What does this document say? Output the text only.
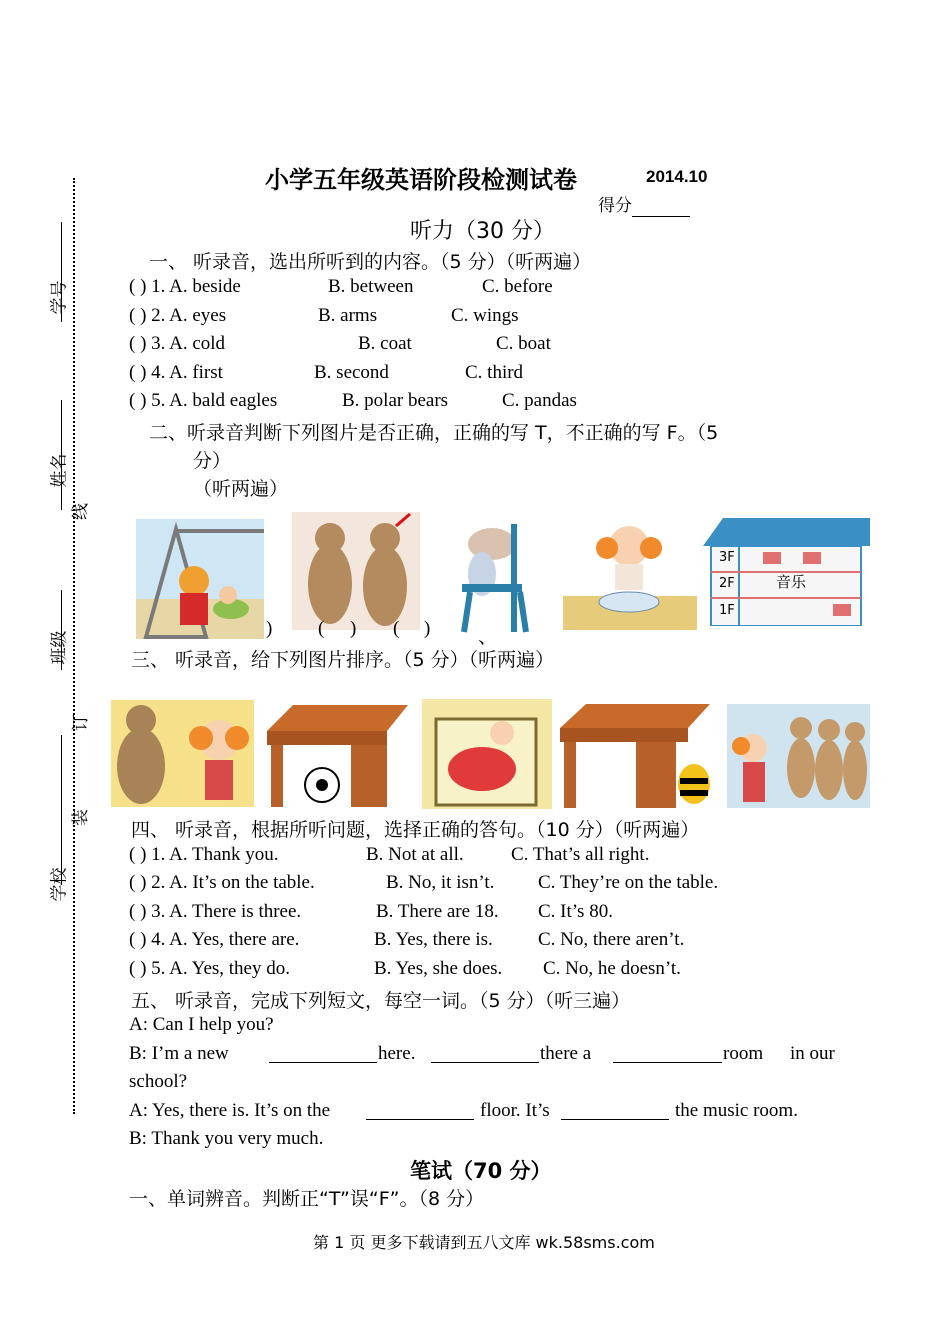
学号
姓名
线
班级
订
装
学校
小学五年级英语阶段检测试卷	2014.10
得分
听力（30 分）
一、 听录音，选出所听到的内容。（5 分）（听两遍）
( ) 1. A. beside	B. between	C. before
( ) 2. A. eyes	B. arms	C. wings
( ) 3. A. cold	B. coat	C. boat
( ) 4. A. first	B. second	C. third
( ) 5. A. bald eagles	B. polar bears	C. pandas
二、听录音判断下列图片是否正确，正确的写 T，不正确的写 F。（5
分）
（听两遍）
3F
2F
1F
音乐
) ( ) ( )	、
三、 听录音，给下列图片排序。（5 分）（听两遍）
四、 听录音，根据所听问题，选择正确的答句。（10 分）（听两遍）
( ) 1. A. Thank you.	B. Not at all. C. That’s all right.
( ) 2. A. It’s on the table.	B. No, it isn’t. C. They’re on the table.
( ) 3. A. There is three.	B. There are 18. C. It’s 80.
( ) 4. A. Yes, there are.	B. Yes, there is. C. No, there aren’t.
( ) 5. A. Yes, they do.	B. Yes, she does. C. No, he doesn’t.
五、 听录音，完成下列短文，每空一词。（5 分）（听三遍）
A: Can I help you?
B: I’m a new	here.	there a	room in our
school?
A: Yes, there is. It’s on the	floor. It’s	the music room.
B: Thank you very much.
笔试（70 分）
一、单词辨音。判断正“T”误“F”。（8 分）
第 1 页 更多下载请到五八文库 wk.58sms.com
